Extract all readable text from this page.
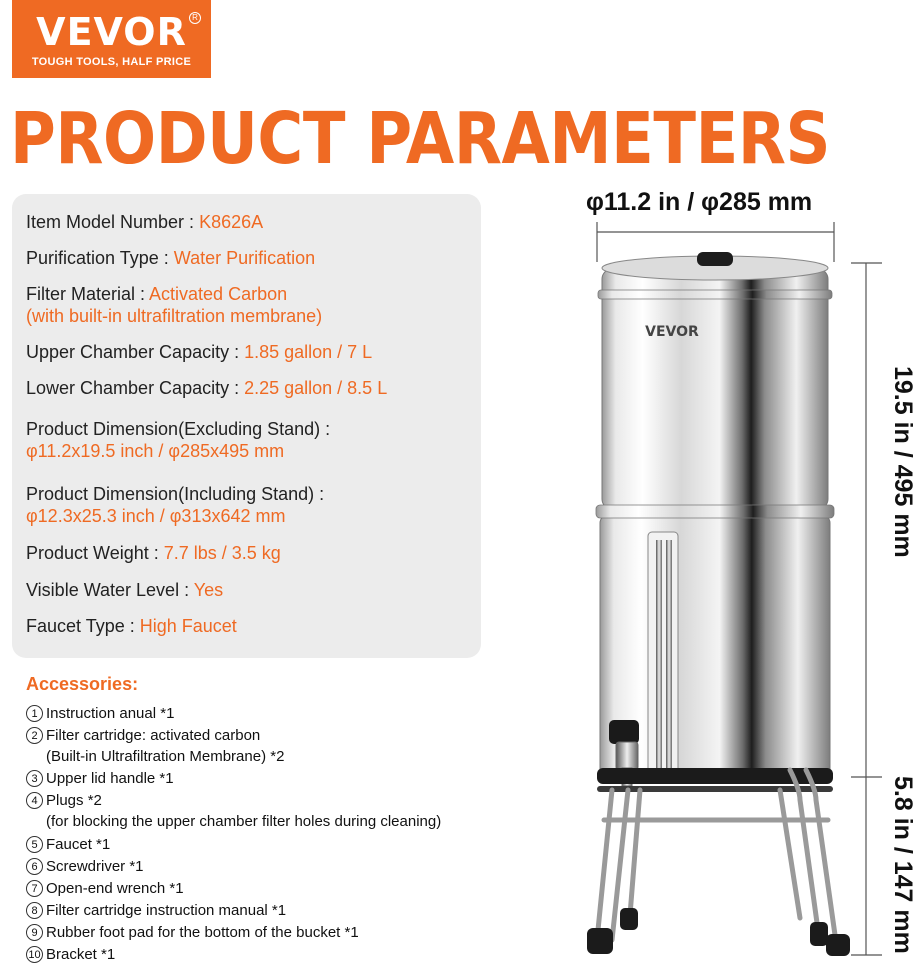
VEVOR R
TOUGH TOOLS, HALF PRICE
PRODUCT PARAMETERS
Item Model Number : K8626A
Purification Type : Water Purification
Filter Material : Activated Carbon
(with built-in ultrafiltration membrane)
Upper Chamber Capacity : 1.85 gallon / 7 L
Lower Chamber Capacity : 2.25 gallon / 8.5 L
Product Dimension(Excluding Stand) :
φ11.2x19.5 inch / φ285x495 mm
Product Dimension(Including Stand) :
φ12.3x25.3 inch / φ313x642 mm
Product Weight : 7.7 lbs / 3.5 kg
Visible Water Level : Yes
Faucet Type : High Faucet
Accessories:
1 Instruction anual *1
2 Filter cartridge: activated carbon
(Built-in Ultrafiltration Membrane) *2
3 Upper lid handle *1
4 Plugs *2
(for blocking the upper chamber filter holes during cleaning)
5 Faucet *1
6 Screwdriver *1
7 Open-end wrench *1
8 Filter cartridge instruction manual *1
9 Rubber foot pad for the bottom of the bucket *1
10 Bracket *1
φ11.2 in / φ285 mm
19.5 in / 495 mm
5.8 in / 147 mm
VEVOR
